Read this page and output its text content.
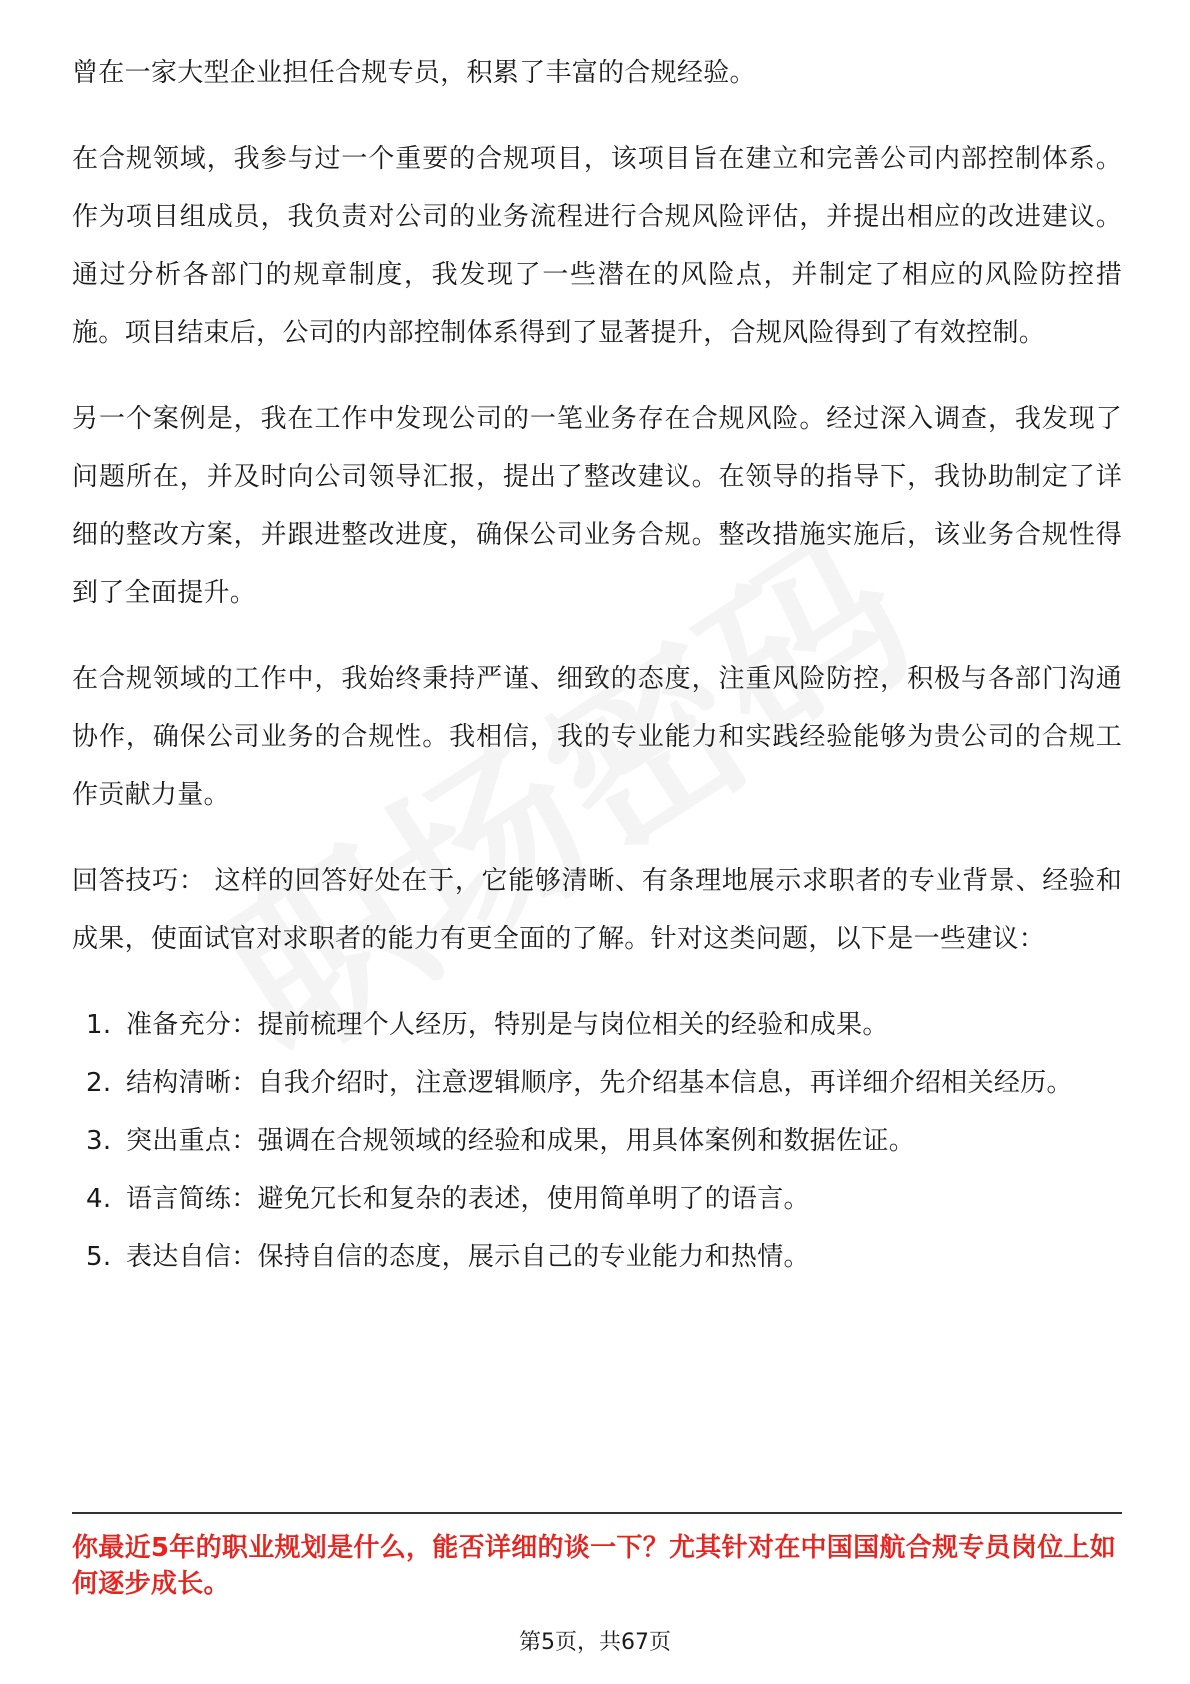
曾在一家大型企业担任合规专员，积累了丰富的合规经验。

在合规领域，我参与过一个重要的合规项目，该项目旨在建立和完善公司内部控制体系。作为项目组成员，我负责对公司的业务流程进行合规风险评估，并提出相应的改进建议。通过分析各部门的规章制度，我发现了一些潜在的风险点，并制定了相应的风险防控措施。项目结束后，公司的内部控制体系得到了显著提升，合规风险得到了有效控制。

另一个案例是，我在工作中发现公司的一笔业务存在合规风险。经过深入调查，我发现了问题所在，并及时向公司领导汇报，提出了整改建议。在领导的指导下，我协助制定了详细的整改方案，并跟进整改进度，确保公司业务合规。整改措施实施后，该业务合规性得到了全面提升。

在合规领域的工作中，我始终秉持严谨、细致的态度，注重风险防控，积极与各部门沟通协作，确保公司业务的合规性。我相信，我的专业能力和实践经验能够为贵公司的合规工作贡献力量。

回答技巧： 这样的回答好处在于，它能够清晰、有条理地展示求职者的专业背景、经验和成果，使面试官对求职者的能力有更全面的了解。针对这类问题，以下是一些建议：

1. 准备充分：提前梳理个人经历，特别是与岗位相关的经验和成果。
2. 结构清晰：自我介绍时，注意逻辑顺序，先介绍基本信息，再详细介绍相关经历。
3. 突出重点：强调在合规领域的经验和成果，用具体案例和数据佐证。
4. 语言简练：避免冗长和复杂的表述，使用简单明了的语言。
5. 表达自信：保持自信的态度，展示自己的专业能力和热情。

你最近5年的职业规划是什么，能否详细的谈一下？尤其针对在中国国航合规专员岗位上如何逐步成长。

第5页，共67页
